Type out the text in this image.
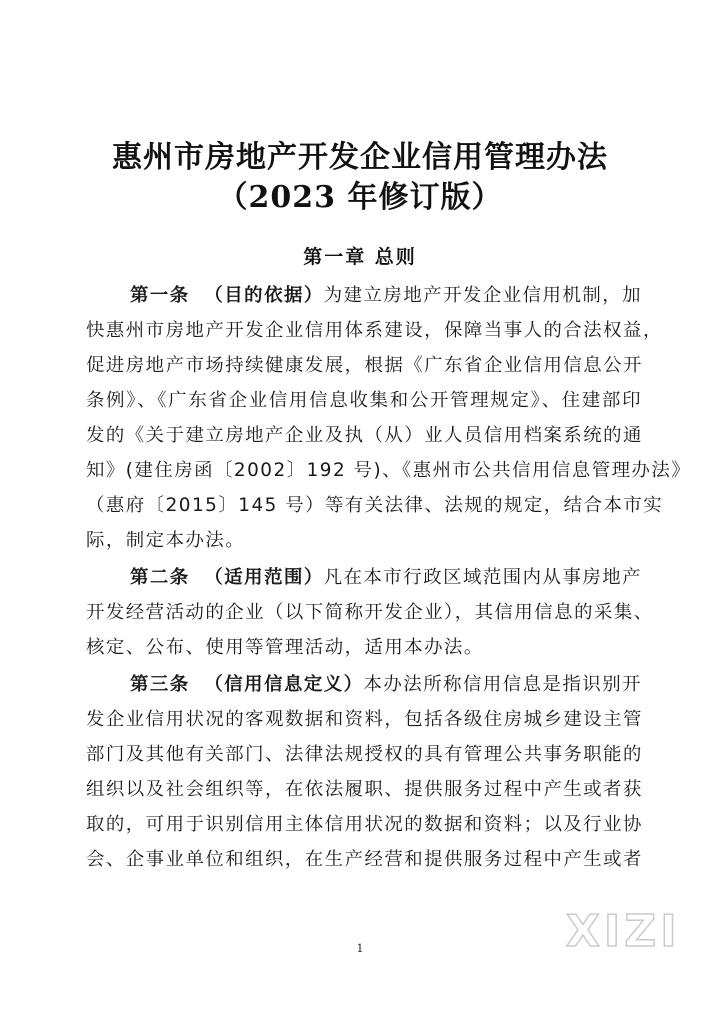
惠州市房地产开发企业信用管理办法
（2023 年修订版）
第一章 总则
第一条 （目的依据）为建立房地产开发企业信用机制，加
快惠州市房地产开发企业信用体系建设，保障当事人的合法权益，
促进房地产市场持续健康发展，根据《广东省企业信用信息公开
条例》、《广东省企业信用信息收集和公开管理规定》、住建部印
发的《关于建立房地产企业及执（从）业人员信用档案系统的通
知》(建住房函〔2002〕192 号)、《惠州市公共信用信息管理办法》
（惠府〔2015〕145 号）等有关法律、法规的规定，结合本市实
际，制定本办法。
第二条 （适用范围）凡在本市行政区域范围内从事房地产
开发经营活动的企业（以下简称开发企业），其信用信息的采集、
核定、公布、使用等管理活动，适用本办法。
第三条 （信用信息定义）本办法所称信用信息是指识别开
发企业信用状况的客观数据和资料，包括各级住房城乡建设主管
部门及其他有关部门、法律法规授权的具有管理公共事务职能的
组织以及社会组织等，在依法履职、提供服务过程中产生或者获
取的，可用于识别信用主体信用状况的数据和资料；以及行业协
会、企事业单位和组织，在生产经营和提供服务过程中产生或者
XIZI
1
